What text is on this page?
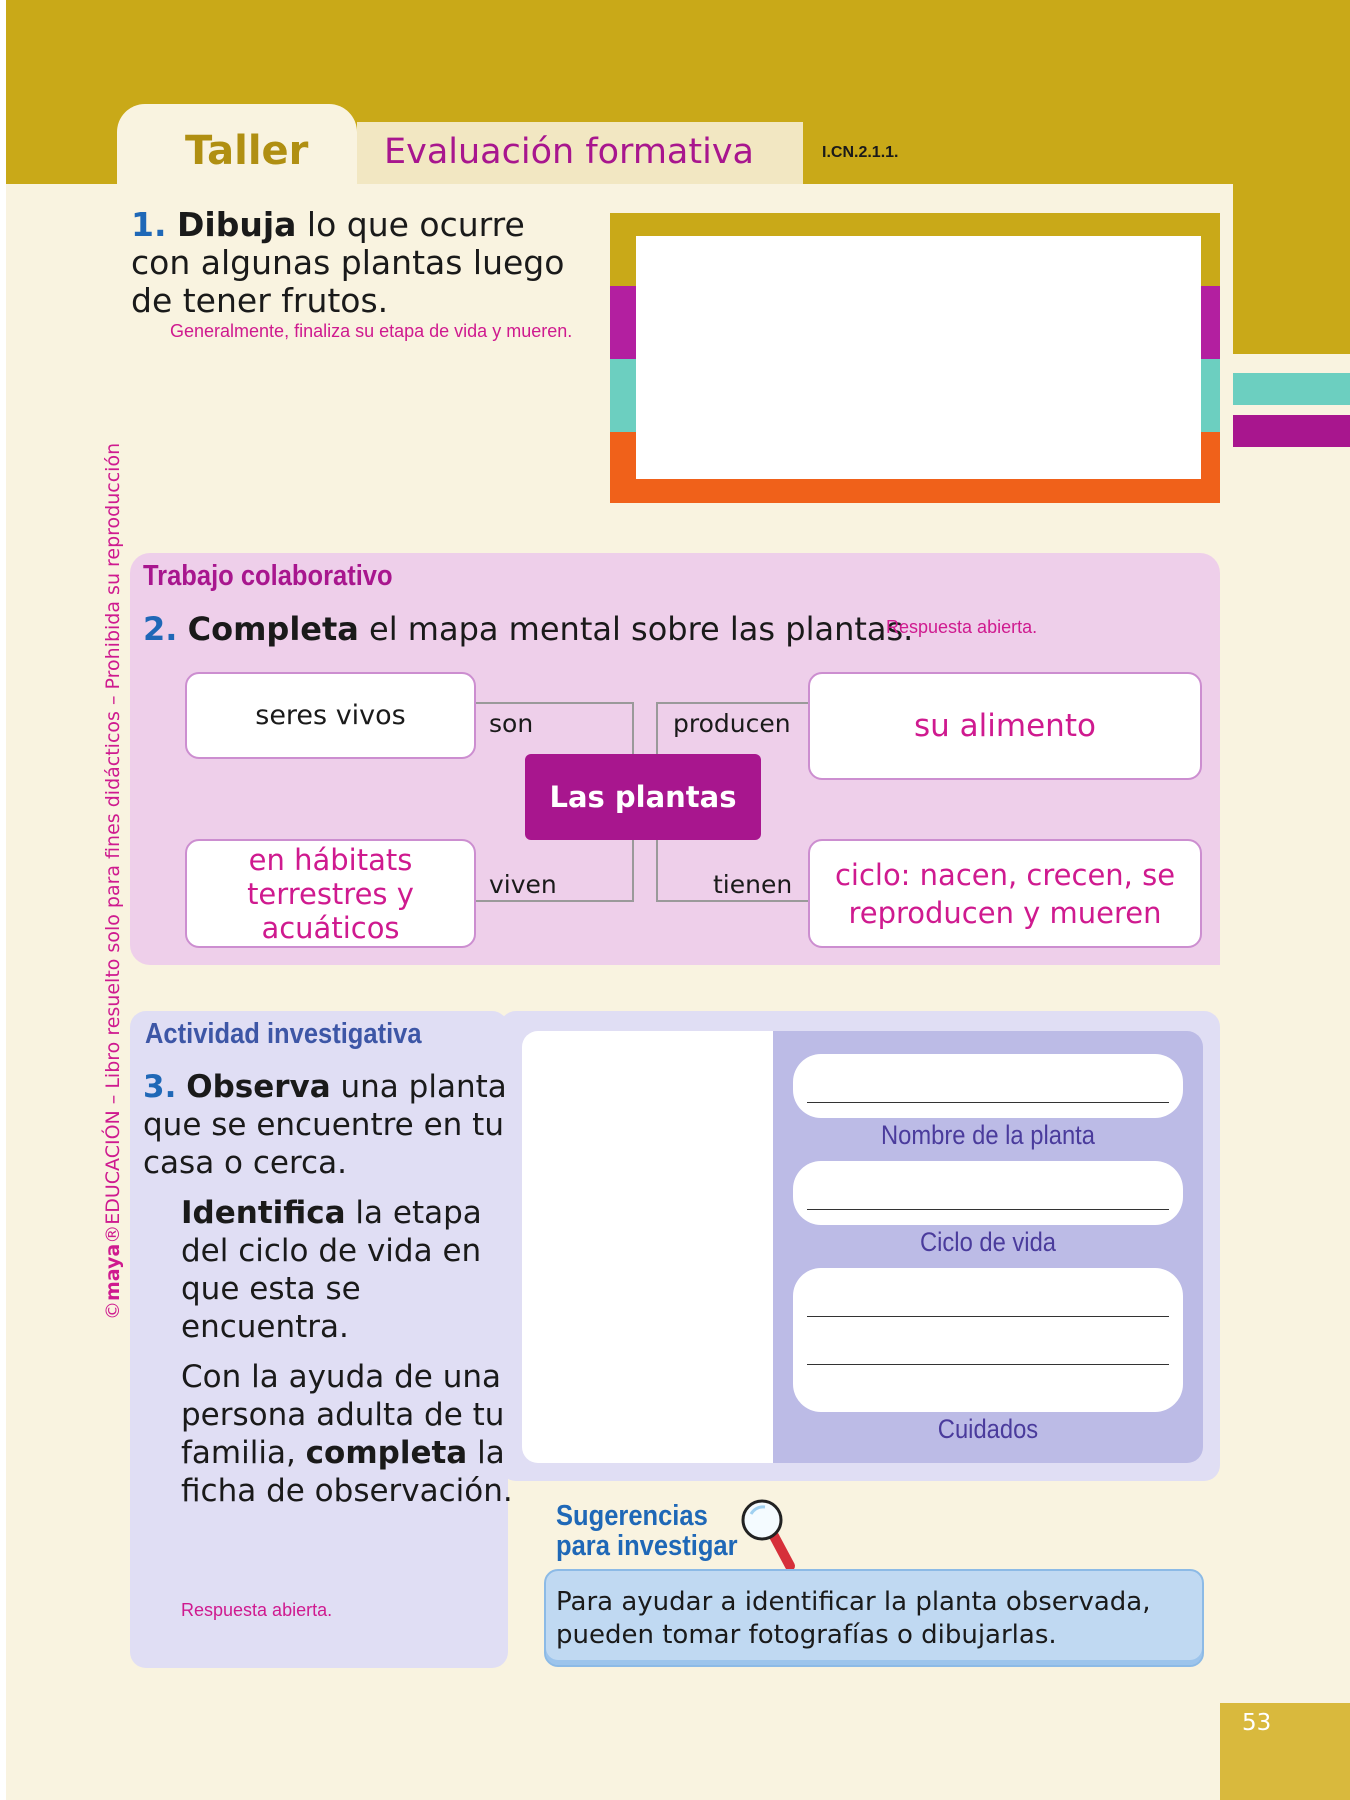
Taller Evaluación formativa	I.CN.2.1.1.
1. Dibuja lo que ocurre con algunas plantas luego de tener frutos.
Generalmente, finaliza su etapa de vida y mueren.
Trabajo colaborativo
2. Completa el mapa mental sobre las plantas.
Respuesta abierta.
son	producen
viven	tienen
seres vivos	su alimento
en hábitats terrestres y acuáticos
ciclo: nacen, crecen, se reproducen y mueren
Las plantas
Actividad investigativa

3. Observa una planta que se encuentre en tu casa o cerca.

Identifica la etapa del ciclo de vida en que esta se encuentra.

Con la ayuda de una persona adulta de tu familia, completa la ficha de observación.

Respuesta abierta.
Nombre de la planta
Ciclo de vida
Cuidados
Sugerencias
para investigar
Para ayudar a identificar la planta observada, pueden tomar fotografías o dibujarlas.
©maya®EDUCACIÓN – Libro resuelto solo para fines didácticos – Prohibida su reproducción
53
